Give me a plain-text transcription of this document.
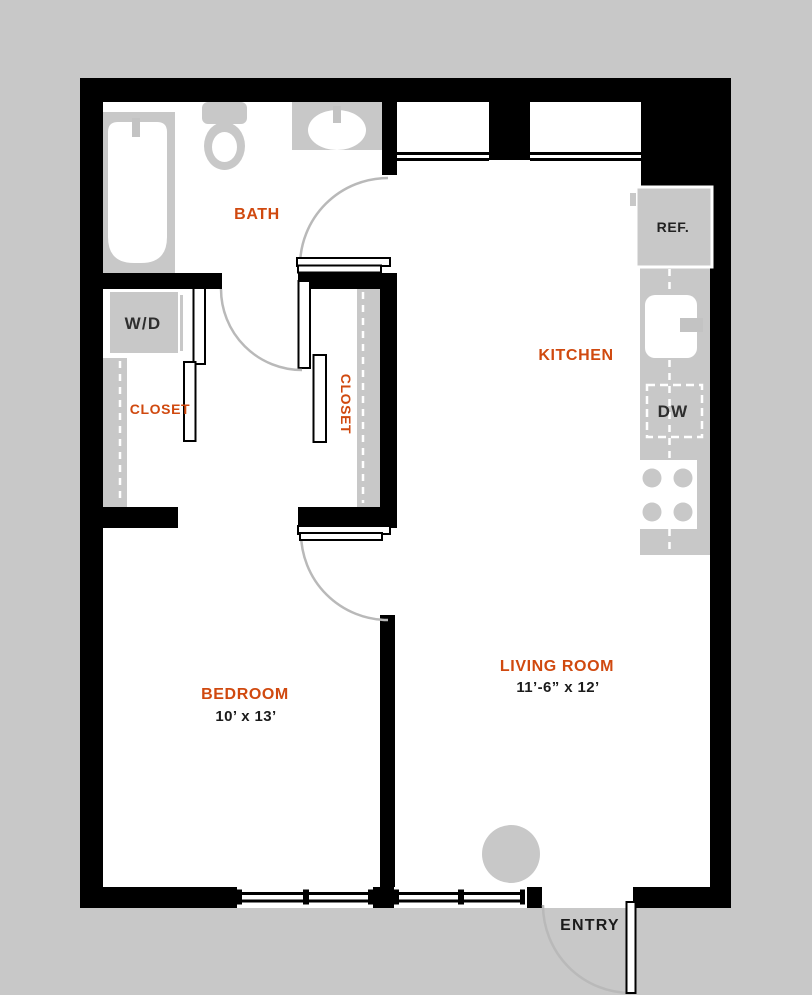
BATH
KITCHEN
CLOSET	CLOSET
BEDROOM
10’ x 13’
LIVING ROOM
11’-6” x 12’
ENTRY
W/D
DW
REF.
